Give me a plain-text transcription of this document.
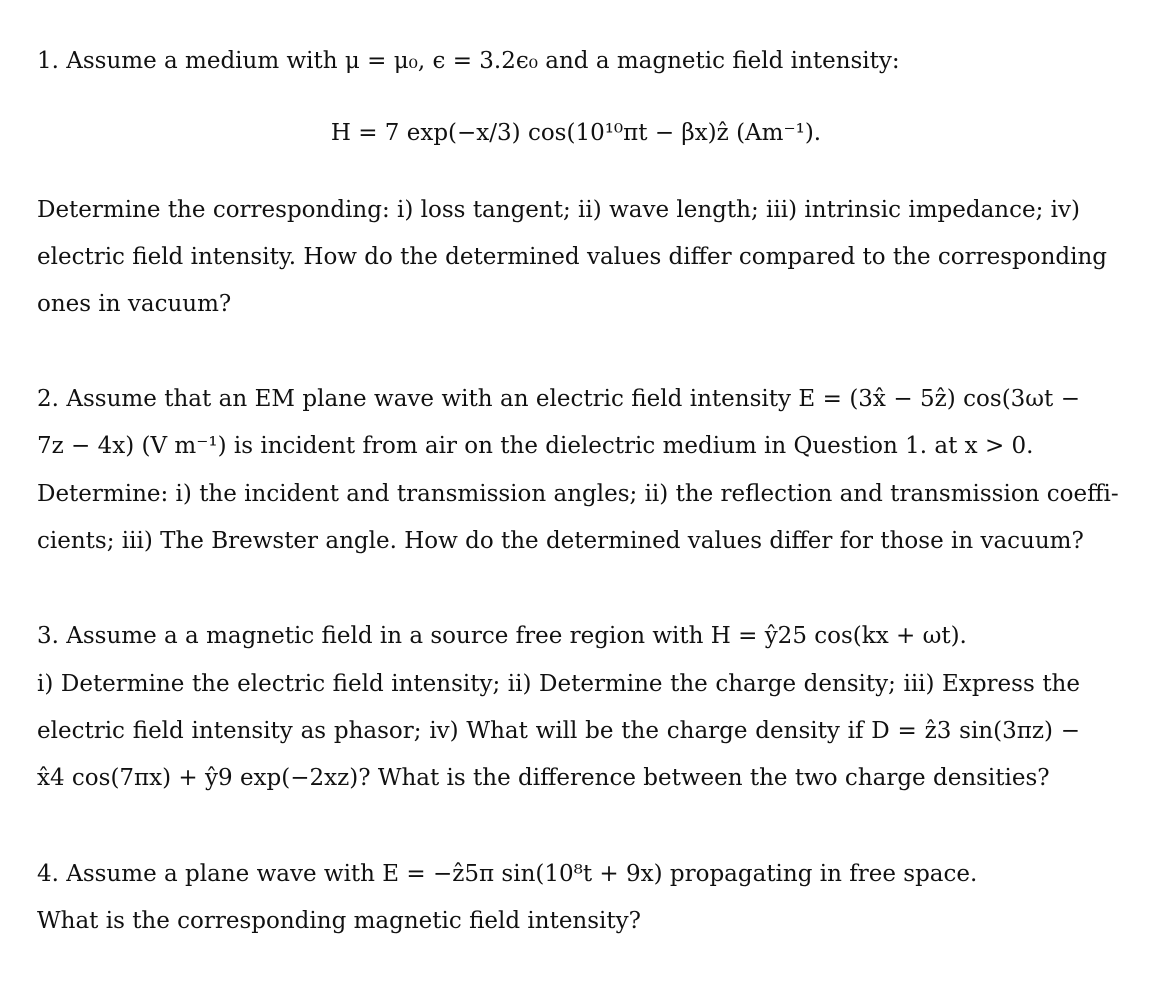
1. Assume a medium with μ = μ₀, ϵ = 3.2ϵ₀ and a magnetic field intensity:
H = 7 exp(−x/3) cos(10¹⁰πt − βx)ẑ (Am⁻¹).
Determine the corresponding: i) loss tangent; ii) wave length; iii) intrinsic impedance; iv)
electric field intensity. How do the determined values differ compared to the corresponding
ones in vacuum?
2. Assume that an EM plane wave with an electric field intensity E = (3x̂ − 5ẑ) cos(3ωt −
7z − 4x) (V m⁻¹) is incident from air on the dielectric medium in Question 1. at x > 0.
Determine: i) the incident and transmission angles; ii) the reflection and transmission coeffi-
cients; iii) The Brewster angle. How do the determined values differ for those in vacuum?
3. Assume a a magnetic field in a source free region with H = ŷ25 cos(kx + ωt).
i) Determine the electric field intensity; ii) Determine the charge density; iii) Express the
electric field intensity as phasor; iv) What will be the charge density if D = ẑ3 sin(3πz) −
x̂4 cos(7πx) + ŷ9 exp(−2xz)? What is the difference between the two charge densities?
4. Assume a plane wave with E = −ẑ5π sin(10⁸t + 9x) propagating in free space.
What is the corresponding magnetic field intensity?
